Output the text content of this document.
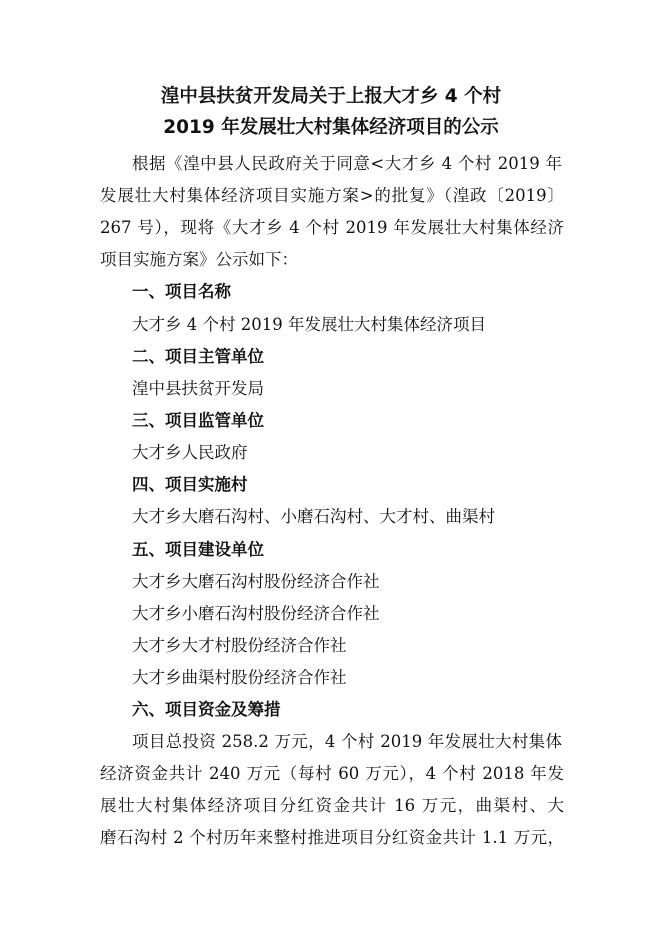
湟中县扶贫开发局关于上报大才乡 4 个村
2019 年发展壮大村集体经济项目的公示
根据《湟中县人民政府关于同意<大才乡 4 个村 2019 年
发展壮大村集体经济项目实施方案>的批复》（湟政〔2019〕
267 号），现将《大才乡 4 个村 2019 年发展壮大村集体经济
项目实施方案》公示如下：
一、项目名称
大才乡 4 个村 2019 年发展壮大村集体经济项目
二、项目主管单位
湟中县扶贫开发局
三、项目监管单位
大才乡人民政府
四、项目实施村
大才乡大磨石沟村、小磨石沟村、大才村、曲渠村
五、项目建设单位
大才乡大磨石沟村股份经济合作社
大才乡小磨石沟村股份经济合作社
大才乡大才村股份经济合作社
大才乡曲渠村股份经济合作社
六、项目资金及筹措
项目总投资 258.2 万元，4 个村 2019 年发展壮大村集体
经济资金共计 240 万元（每村 60 万元），4 个村 2018 年发
展壮大村集体经济项目分红资金共计 16 万元，曲渠村、大
磨石沟村 2 个村历年来整村推进项目分红资金共计 1.1 万元，
